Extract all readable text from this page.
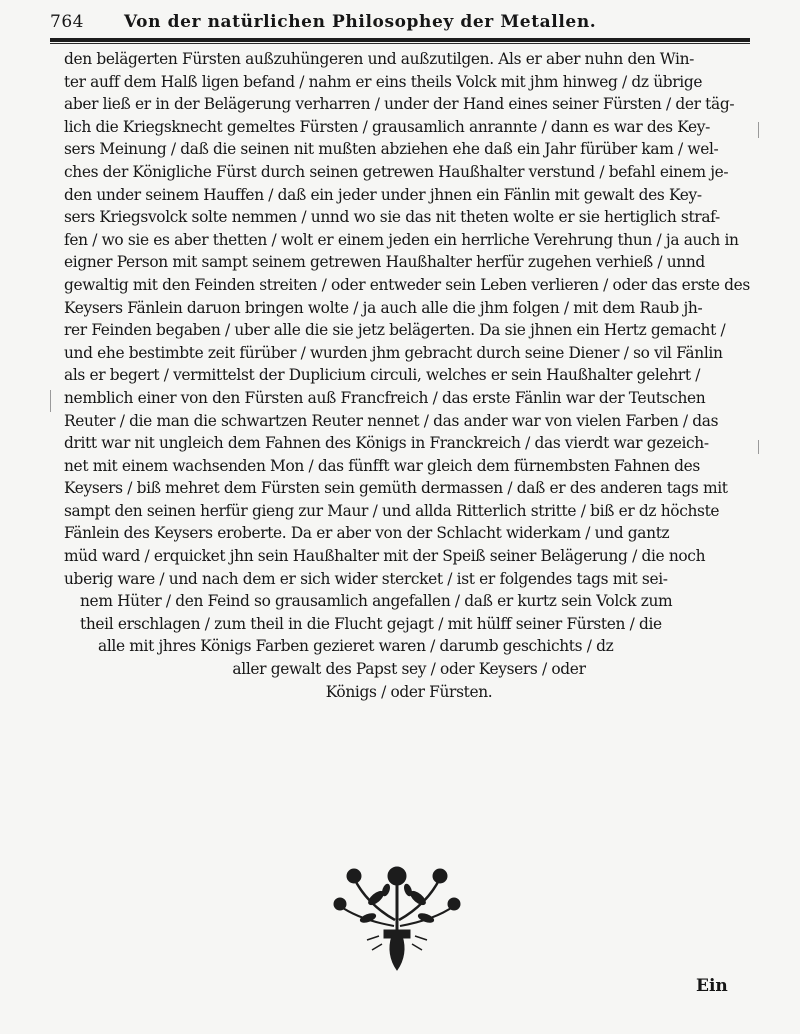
764 Von der natürlichen Philosophey der Metallen.
den belägerten Fürsten außzuhüngeren und außzutilgen. Als er aber nuhn den Win-
ter auff dem Halß ligen befand / nahm er eins theils Volck mit jhm hinweg / dz übrige
aber ließ er in der Belägerung verharren / under der Hand eines seiner Fürsten / der täg-
lich die Kriegsknecht gemeltes Fürsten / grausamlich anrannte / dann es war des Key-
sers Meinung / daß die seinen nit mußten abziehen ehe daß ein Jahr fürüber kam / wel-
ches der Königliche Fürst durch seinen getrewen Haußhalter verstund / befahl einem je-
den under seinem Hauffen / daß ein jeder under jhnen ein Fänlin mit gewalt des Key-
sers Kriegsvolck solte nemmen / unnd wo sie das nit theten wolte er sie hertiglich straf-
fen / wo sie es aber thetten / wolt er einem jeden ein herrliche Verehrung thun / ja auch in
eigner Person mit sampt seinem getrewen Haußhalter herfür zugehen verhieß / unnd
gewaltig mit den Feinden streiten / oder entweder sein Leben verlieren / oder das erste des
Keysers Fänlein daruon bringen wolte / ja auch alle die jhm folgen / mit dem Raub jh-
rer Feinden begaben / uber alle die sie jetz belägerten. Da sie jhnen ein Hertz gemacht /
und ehe bestimbte zeit fürüber / wurden jhm gebracht durch seine Diener / so vil Fänlin
als er begert / vermittelst der Duplicium circuli, welches er sein Haußhalter gelehrt /
nemblich einer von den Fürsten auß Francfreich / das erste Fänlin war der Teutschen
Reuter / die man die schwartzen Reuter nennet / das ander war von vielen Farben / das
dritt war nit ungleich dem Fahnen des Königs in Franckreich / das vierdt war gezeich-
net mit einem wachsenden Mon / das fünfft war gleich dem fürnembsten Fahnen des
Keysers / biß mehret dem Fürsten sein gemüth dermassen / daß er des anderen tags mit
sampt den seinen herfür gieng zur Maur / und allda Ritterlich stritte / biß er dz höchste
Fänlein des Keysers eroberte. Da er aber von der Schlacht widerkam / und gantz
müd ward / erquicket jhn sein Haußhalter mit der Speiß seiner Belägerung / die noch
uberig ware / und nach dem er sich wider stercket / ist er folgendes tags mit sei-
nem Hüter / den Feind so grausamlich angefallen / daß er kurtz sein Volck zum
theil erschlagen / zum theil in die Flucht gejagt / mit hülff seiner Fürsten / die
alle mit jhres Königs Farben gezieret waren / darumb geschichts / dz
aller gewalt des Papst sey / oder Keysers / oder
Königs / oder Fürsten.
Ein
